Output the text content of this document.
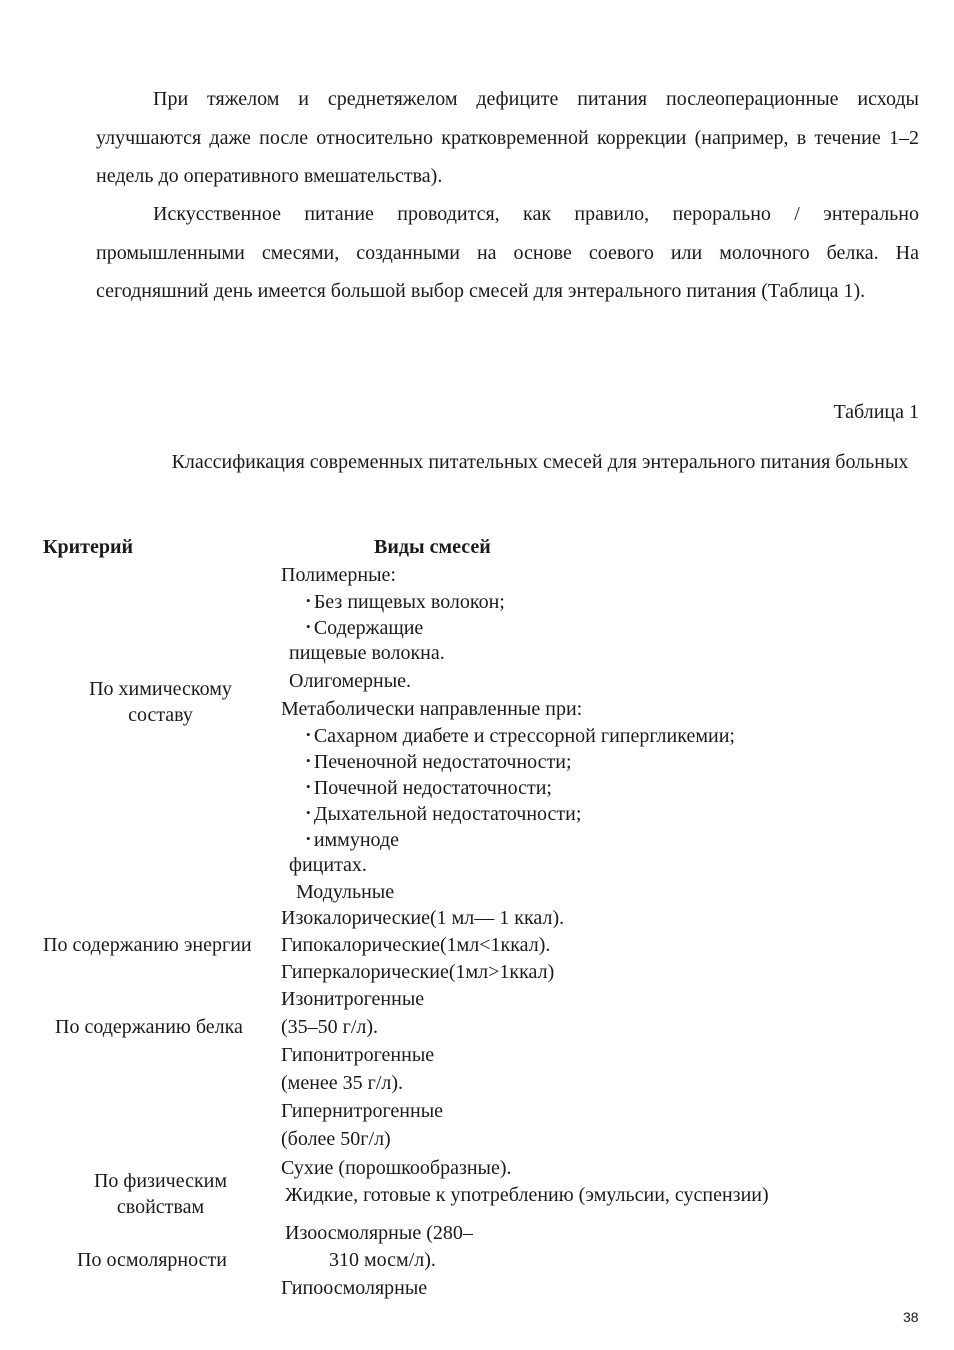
При тяжелом и среднетяжелом дефиците питания послеоперационные исходы улучшаются даже после относительно кратковременной коррекции (например, в течение 1–2 недель до оперативного вмешательства).

Искусственное питание проводится, как правило, перорально / энтерально промышленными смесями, созданными на основе соевого или молочного белка. На сегодняшний день имеется большой выбор смесей для энтерального питания (Таблица 1).

Таблица 1

Классификация современных питательных смесей для энтерального питания больных

Критерий	Виды смесей
По химическому
составу
Полимерные:
• Без пищевых волокон;
• Содержащие
пищевые волокна.
Олигомерные.
Метаболически направленные при:
• Сахарном диабете и стрессорной гипергликемии;
• Печеночной недостаточности;
• Почечной недостаточности;
• Дыхательной недостаточности;
• иммуноде
фицитах.
Модульные
По содержанию энергии
Изокалорические(1 мл— 1 ккал).
Гипокалорические(1мл<1ккал).
Гиперкалорические(1мл>1ккал)
По содержанию белка
Изонитрогенные
(35–50 г/л).
Гипонитрогенные
(менее 35 г/л).
Гипернитрогенные
(более 50г/л)
По физическим
свойствам
Сухие (порошкообразные).
Жидкие, готовые к употреблению (эмульсии, суспензии)
По осмолярности
Изоосмолярные (280–
310 мосм/л).
Гипоосмолярные
38
